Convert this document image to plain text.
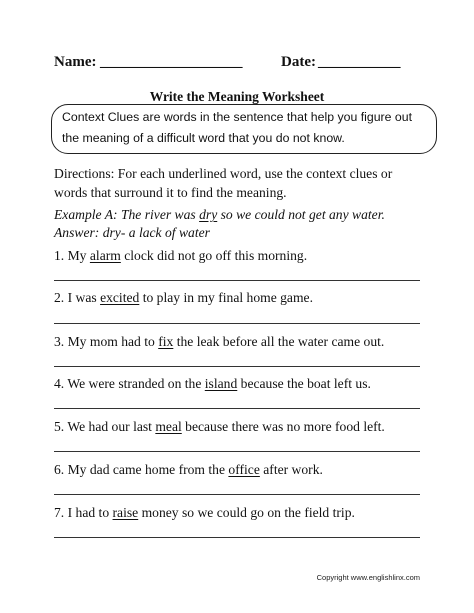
Name: ___________________	Date: ___________
Write the Meaning Worksheet
Context Clues are words in the sentence that help you figure out
the meaning of a difficult word that you do not know.
Directions: For each underlined word, use the context clues or
words that surround it to find the meaning.
Example A: The river was dry so we could not get any water.
Answer: dry- a lack of water
1. My alarm clock did not go off this morning.
2. I was excited to play in my final home game.
3. My mom had to fix the leak before all the water came out.
4. We were stranded on the island because the boat left us.
5. We had our last meal because there was no more food left.
6. My dad came home from the office after work.
7. I had to raise money so we could go on the field trip.
Copyright www.englishlinx.com
